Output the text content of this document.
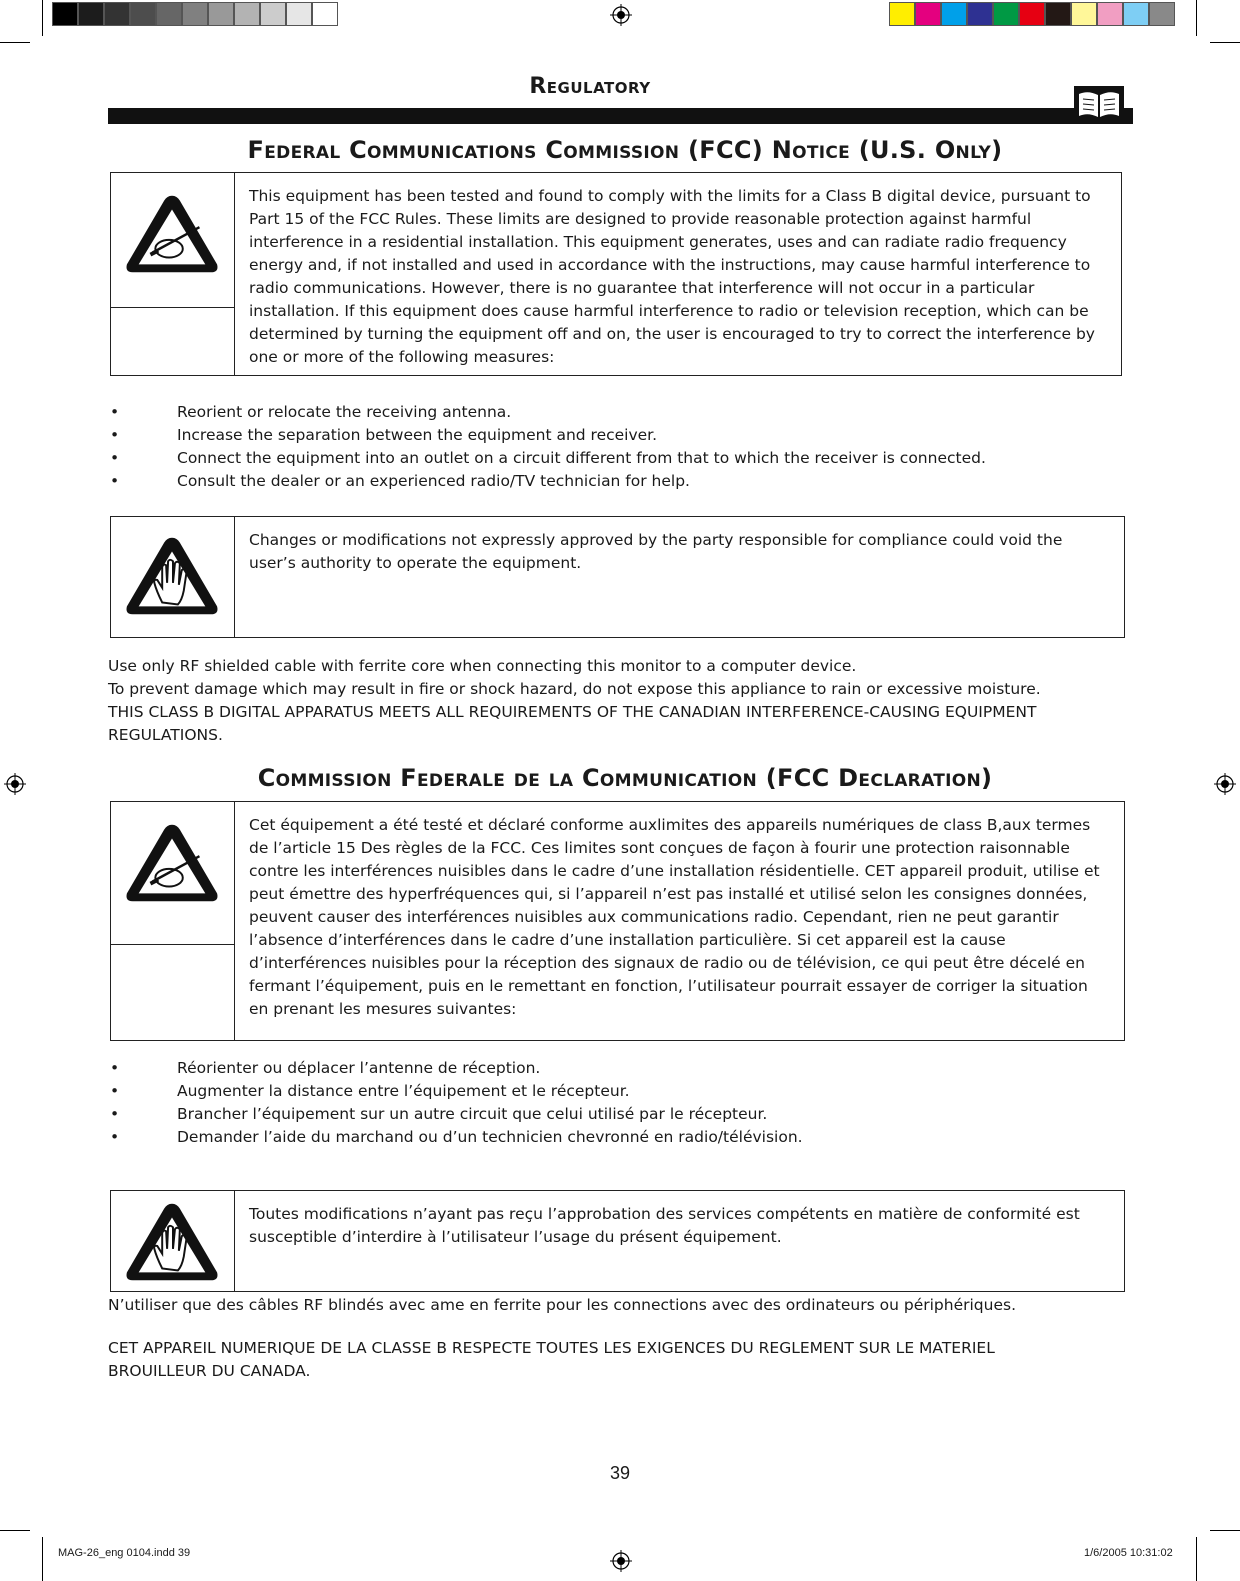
Regulatory
Federal Communications Commission (FCC) Notice (U.S. Only)
This equipment has been tested and found to comply with the limits for a Class B digital device, pursuant to Part 15 of the FCC Rules. These limits are designed to provide reasonable protection against harmful interference in a residential installation. This equipment generates, uses and can radiate radio frequency energy and, if not installed and used in accordance with the instructions, may cause harmful interference to radio communications. However, there is no guarantee that interference will not occur in a particular installation. If this equipment does cause harmful interference to radio or television reception, which can be determined by turning the equipment off and on, the user is encouraged to try to correct the interference by one or more of the following measures:
•	Reorient or relocate the receiving antenna.
•	Increase the separation between the equipment and receiver.
•	Connect the equipment into an outlet on a circuit different from that to which the receiver is connected.
•	Consult the dealer or an experienced radio/TV technician for help.
Changes or modifications not expressly approved by the party responsible for compliance could void the user’s authority to operate the equipment.
Use only RF shielded cable with ferrite core when connecting this monitor to a computer device.
To prevent damage which may result in fire or shock hazard, do not expose this appliance to rain or excessive moisture.
THIS CLASS B DIGITAL APPARATUS MEETS ALL REQUIREMENTS OF THE CANADIAN INTERFERENCE-CAUSING EQUIPMENT REGULATIONS.
Commission Federale de la Communication (FCC Declaration)
Cet équipement a été testé et déclaré conforme auxlimites des appareils numériques de class B,aux termes de l’article 15 Des règles de la FCC. Ces limites sont conçues de façon à fourir une protection raisonnable contre les interférences nuisibles dans le cadre d’une installation résidentielle. CET appareil produit, utilise et peut émettre des hyperfréquences qui, si l’appareil n’est pas installé et utilisé selon les consignes données, peuvent causer des interférences nuisibles aux communications radio. Cependant, rien ne peut garantir l’absence d’interférences dans le cadre d’une installation particulière. Si cet appareil est la cause d’interférences nuisibles pour la réception des signaux de radio ou de télévision, ce qui peut être décelé en fermant l’équipement, puis en le remettant en fonction, l’utilisateur pourrait essayer de corriger la situation en prenant les mesures suivantes:
•	Réorienter ou déplacer l’antenne de réception.
•	Augmenter la distance entre l’équipement et le récepteur.
•	Brancher l’équipement sur un autre circuit que celui utilisé par le récepteur.
•	Demander l’aide du marchand ou d’un technicien chevronné en radio/télévision.
Toutes modifications n’ayant pas reçu l’approbation des services compétents en matière de conformité est susceptible d’interdire à l’utilisateur l’usage du présent équipement.
N’utiliser que des câbles RF blindés avec ame en ferrite pour les connections avec des ordinateurs ou périphériques.
CET APPAREIL NUMERIQUE DE LA CLASSE B RESPECTE TOUTES LES EXIGENCES DU REGLEMENT SUR LE MATERIEL BROUILLEUR DU CANADA.
39
MAG-26_eng 0104.indd 39	1/6/2005 10:31:02
